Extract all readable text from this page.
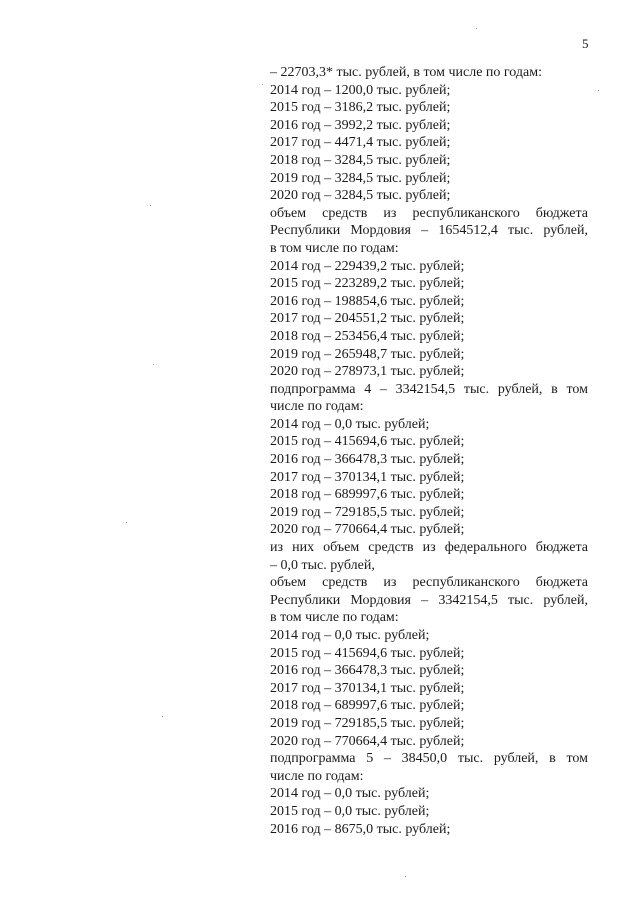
5
– 22703,3* тыс. рублей, в том числе по годам:
2014 год – 1200,0 тыс. рублей;
2015 год – 3186,2 тыс. рублей;
2016 год – 3992,2 тыс. рублей;
2017 год – 4471,4 тыс. рублей;
2018 год – 3284,5 тыс. рублей;
2019 год – 3284,5 тыс. рублей;
2020 год – 3284,5 тыс. рублей;
объем средств из республиканского бюджета
Республики Мордовия – 1654512,4 тыс. рублей,
в том числе по годам:
2014 год – 229439,2 тыс. рублей;
2015 год – 223289,2 тыс. рублей;
2016 год – 198854,6 тыс. рублей;
2017 год – 204551,2 тыс. рублей;
2018 год – 253456,4 тыс. рублей;
2019 год – 265948,7 тыс. рублей;
2020 год – 278973,1 тыс. рублей;
подпрограмма 4 – 3342154,5 тыс. рублей, в том
числе по годам:
2014 год – 0,0 тыс. рублей;
2015 год – 415694,6 тыс. рублей;
2016 год – 366478,3 тыс. рублей;
2017 год – 370134,1 тыс. рублей;
2018 год – 689997,6 тыс. рублей;
2019 год – 729185,5 тыс. рублей;
2020 год – 770664,4 тыс. рублей;
из них объем средств из федерального бюджета
– 0,0 тыс. рублей,
объем средств из республиканского бюджета
Республики Мордовия – 3342154,5 тыс. рублей,
в том числе по годам:
2014 год – 0,0 тыс. рублей;
2015 год – 415694,6 тыс. рублей;
2016 год – 366478,3 тыс. рублей;
2017 год – 370134,1 тыс. рублей;
2018 год – 689997,6 тыс. рублей;
2019 год – 729185,5 тыс. рублей;
2020 год – 770664,4 тыс. рублей;
подпрограмма 5 – 38450,0 тыс. рублей, в том
числе по годам:
2014 год – 0,0 тыс. рублей;
2015 год – 0,0 тыс. рублей;
2016 год – 8675,0 тыс. рублей;
